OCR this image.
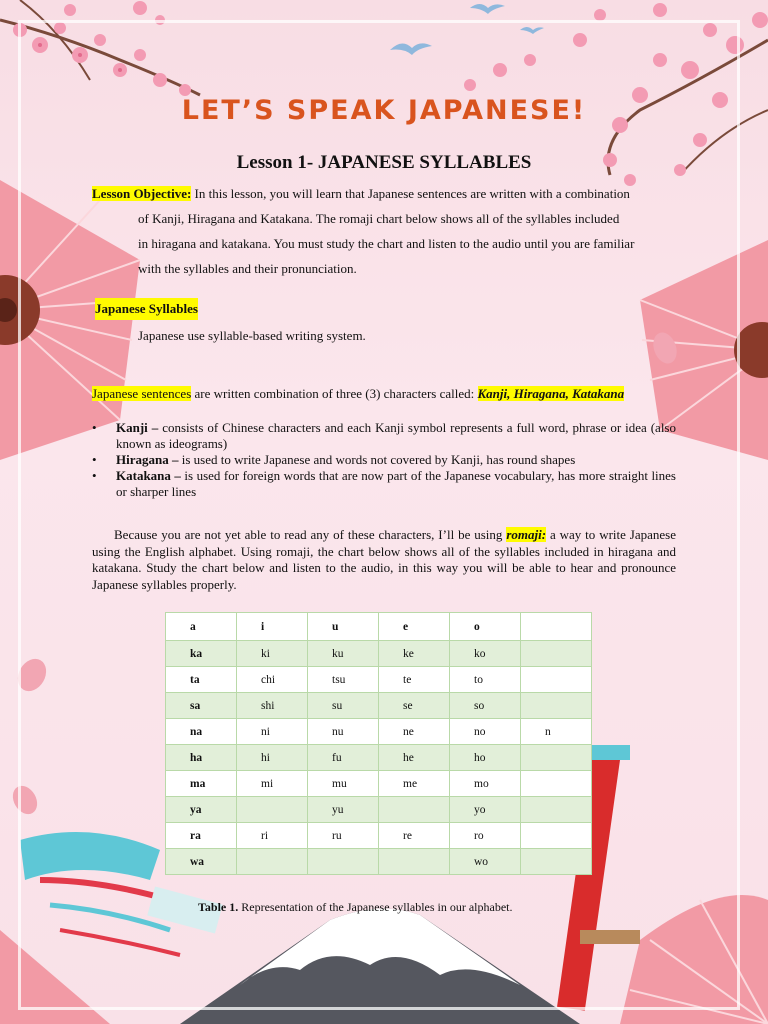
LET’S SPEAK JAPANESE!
Lesson 1- JAPANESE SYLLABLES
Lesson Objective: In this lesson, you will learn that Japanese sentences are written with a combination
of Kanji, Hiragana and Katakana. The romaji chart below shows all of the syllables included
in hiragana and katakana. You must study the chart and listen to the audio until you are familiar
with the syllables and their pronunciation.
Japanese Syllables
Japanese use syllable-based writing system.
Japanese sentences are written combination of three (3) characters called: Kanji, Hiragana, Katakana
• Kanji – consists of Chinese characters and each Kanji symbol represents a full word, phrase or idea (also known as ideograms)
• Hiragana – is used to write Japanese and words not covered by Kanji, has round shapes
• Katakana – is used for foreign words that are now part of the Japanese vocabulary, has more straight lines or sharper lines
Because you are not yet able to read any of these characters, I’ll be using romaji: a way to write Japanese using the English alphabet. Using romaji, the chart below shows all of the syllables included in hiragana and katakana. Study the chart below and listen to the audio, in this way you will be able to hear and pronounce Japanese syllables properly.
a	i	u	e	o	
ka	ki	ku	ke	ko	
ta	chi	tsu	te	to	
sa	shi	su	se	so	
na	ni	nu	ne	no	n
ha	hi	fu	he	ho	
ma	mi	mu	me	mo	
ya		yu		yo	
ra	ri	ru	re	ro	
wa				wo	
Table 1. Representation of the Japanese syllables in our alphabet.
